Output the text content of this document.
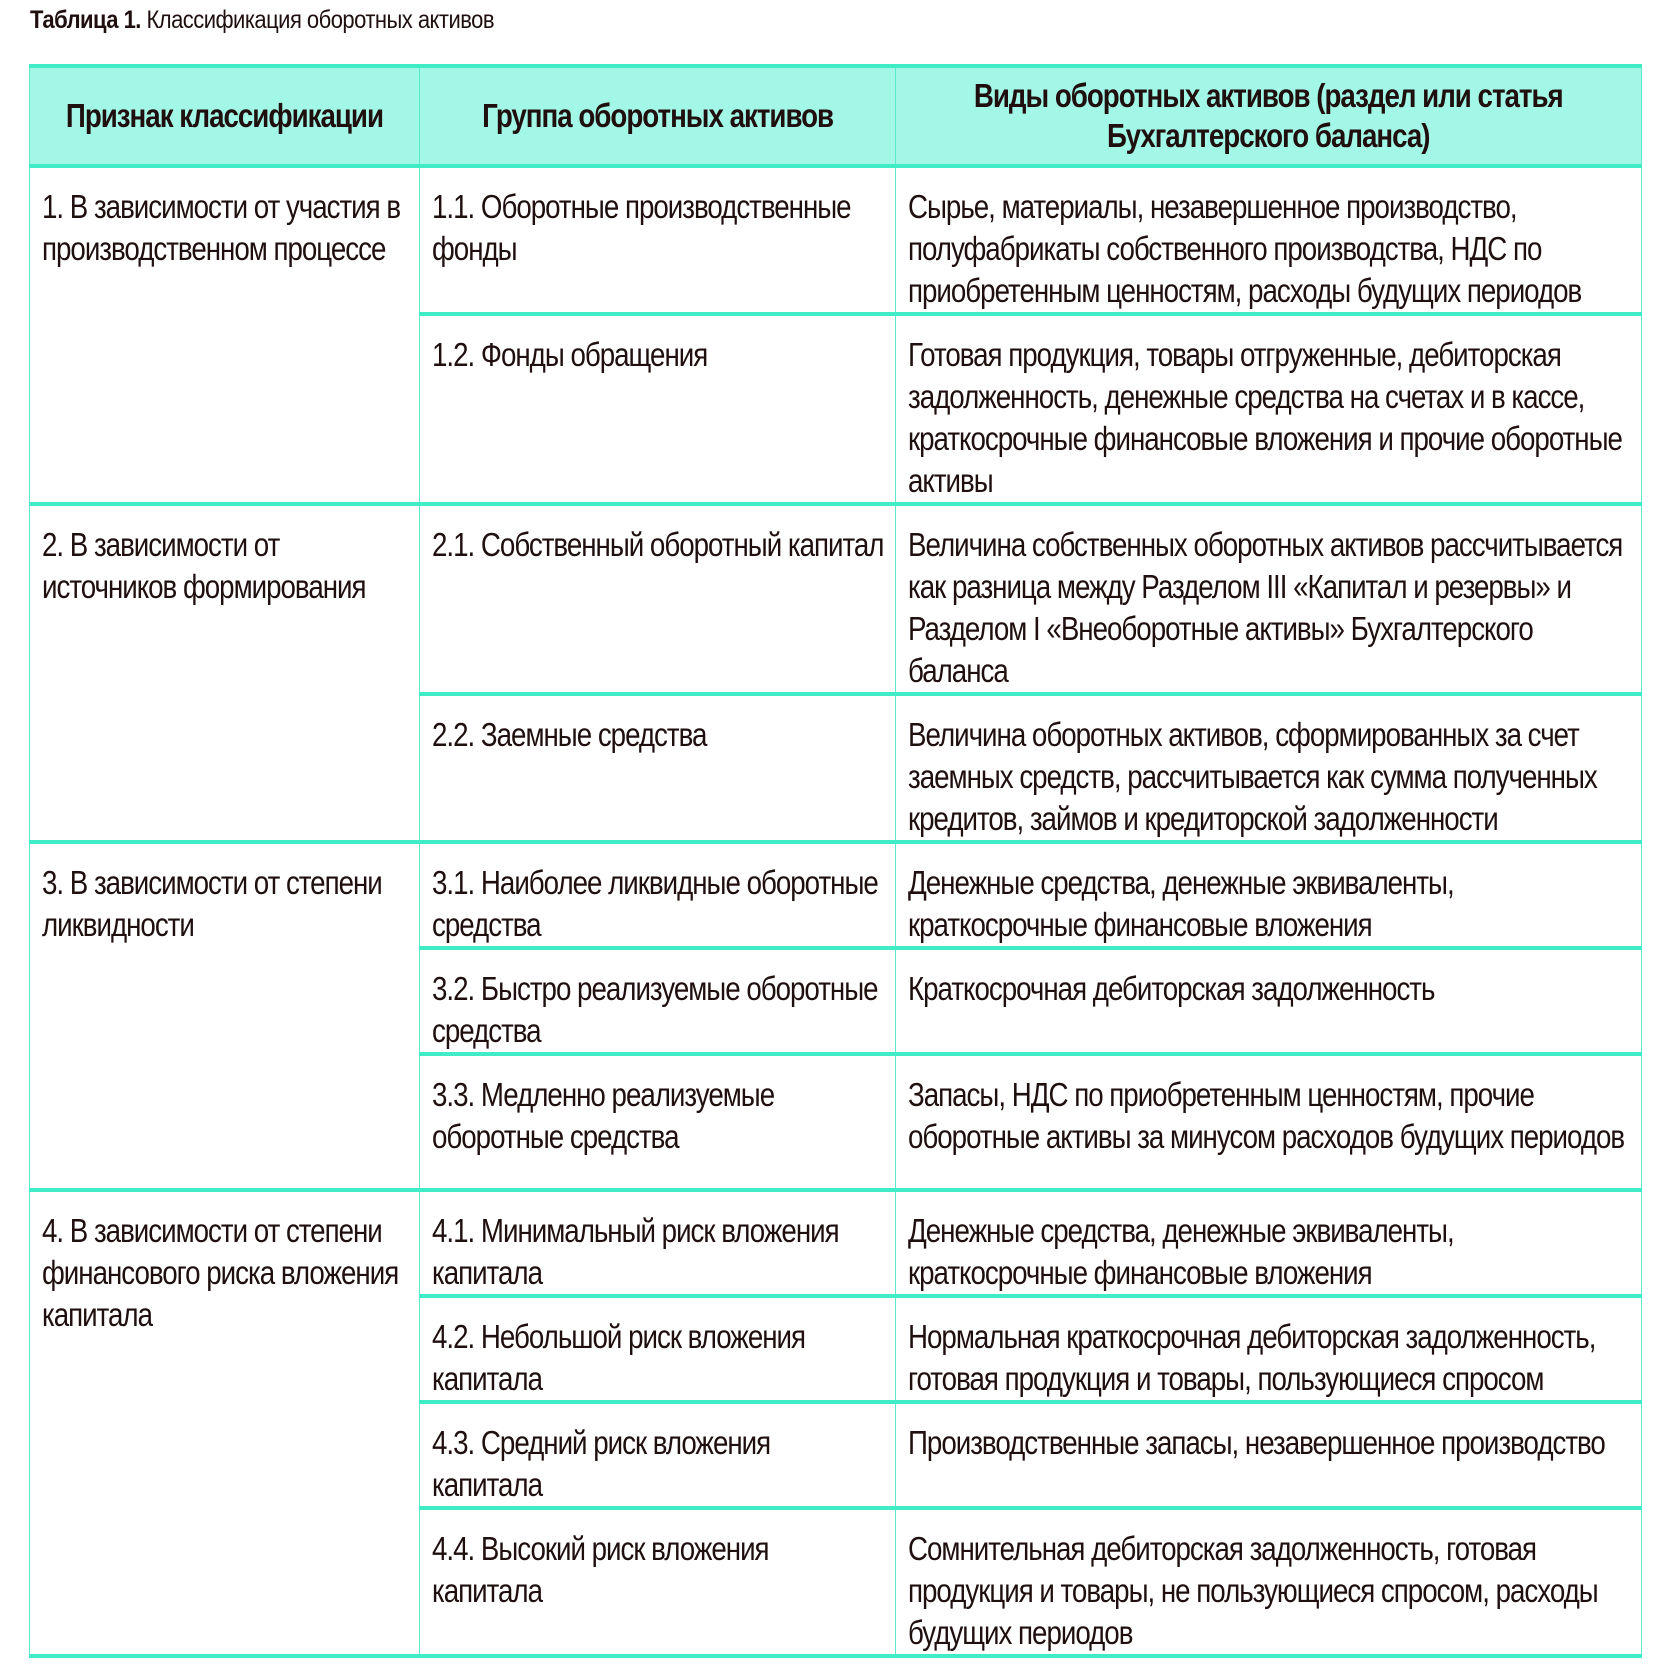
Таблица 1. Классификация оборотных активов
Признак классификации	Группа оборотных активов	Виды оборотных активов (раздел или статья Бухгалтерского баланса)

1. В зависимости от участия в производственном процессе	1.1. Оборотные производственные фонды	Сырье, материалы, незавершенное производство, полуфабрикаты собственного производства, НДС по приобретенным ценностям, расходы будущих периодов

	1.2. Фонды обращения	Готовая продукция, товары отгруженные, дебиторская задолженность, денежные средства на счетах и в кассе, краткосрочные финансовые вложения и прочие оборотные активы

2. В зависимости от источников формирования	2.1. Собственный оборотный капитал	Величина собственных оборотных активов рассчитывается как разница между Разделом III «Капитал и резервы» и Разделом I «Внеоборотные активы» Бухгалтерского баланса

	2.2. Заемные средства	Величина оборотных активов, сформированных за счет заемных средств, рассчитывается как сумма полученных кредитов, займов и кредиторской задолженности

3. В зависимости от степени ликвидности	3.1. Наиболее ликвидные оборотные средства	Денежные средства, денежные эквиваленты, краткосрочные финансовые вложения

	3.2. Быстро реализуемые оборотные средства	Краткосрочная дебиторская задолженность

	3.3. Медленно реализуемые оборотные средства	Запасы, НДС по приобретенным ценностям, прочие оборотные активы за минусом расходов будущих периодов

4. В зависимости от степени финансового риска вложения капитала	4.1. Минимальный риск вложения капитала	Денежные средства, денежные эквиваленты, краткосрочные финансовые вложения

	4.2. Небольшой риск вложения капитала	Нормальная краткосрочная дебиторская задолженность, готовая продукция и товары, пользующиеся спросом

	4.3. Средний риск вложения капитала	Производственные запасы, незавершенное производство

	4.4. Высокий риск вложения капитала	Сомнительная дебиторская задолженность, готовая продукция и товары, не пользующиеся спросом, расходы будущих периодов
